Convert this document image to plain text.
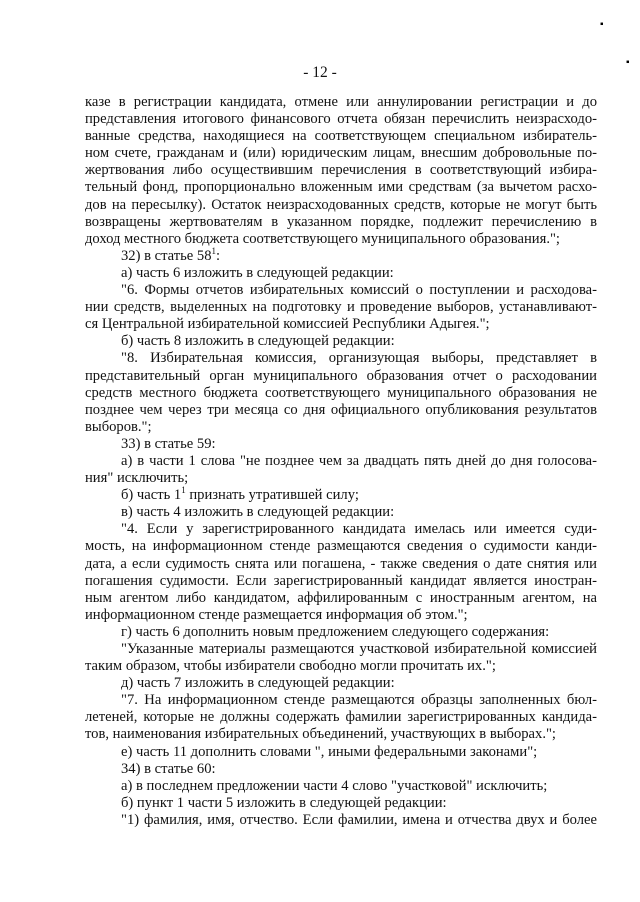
- 12 -
▪
▪
казе в регистрации кандидата, отмене или аннулировании регистрации и до
представления итогового финансового отчета обязан перечислить неизрасходо-
ванные средства, находящиеся на соответствующем специальном избиратель-
ном счете, гражданам и (или) юридическим лицам, внесшим добровольные по-
жертвования либо осуществившим перечисления в соответствующий избира-
тельный фонд, пропорционально вложенным ими средствам (за вычетом расхо-
дов на пересылку). Остаток неизрасходованных средств, которые не могут быть
возвращены жертвователям в указанном порядке, подлежит перечислению в
доход местного бюджета соответствующего муниципального образования.";
32) в статье $58^1$:
а) часть 6 изложить в следующей редакции:
"6. Формы отчетов избирательных комиссий о поступлении и расходова-
нии средств, выделенных на подготовку и проведение выборов, устанавливают-
ся Центральной избирательной комиссией Республики Адыгея.";
б) часть 8 изложить в следующей редакции:
"8. Избирательная комиссия, организующая выборы, представляет в
представительный орган муниципального образования отчет о расходовании
средств местного бюджета соответствующего муниципального образования не
позднее чем через три месяца со дня официального опубликования результатов
выборов.";
33) в статье 59:
а) в части 1 слова "не позднее чем за двадцать пять дней до дня голосова-
ния" исключить;
б) часть $1^1$ признать утратившей силу;
в) часть 4 изложить в следующей редакции:
"4. Если у зарегистрированного кандидата имелась или имеется суди-
мость, на информационном стенде размещаются сведения о судимости канди-
дата, а если судимость снята или погашена, - также сведения о дате снятия или
погашения судимости. Если зарегистрированный кандидат является иностран-
ным агентом либо кандидатом, аффилированным с иностранным агентом, на
информационном стенде размещается информация об этом.";
г) часть 6 дополнить новым предложением следующего содержания:
"Указанные материалы размещаются участковой избирательной комиссией
таким образом, чтобы избиратели свободно могли прочитать их.";
д) часть 7 изложить в следующей редакции:
"7. На информационном стенде размещаются образцы заполненных бюл-
летеней, которые не должны содержать фамилии зарегистрированных кандида-
тов, наименования избирательных объединений, участвующих в выборах.";
е) часть 11 дополнить словами ", иными федеральными законами";
34) в статье 60:
а) в последнем предложении части 4 слово "участковой" исключить;
б) пункт 1 части 5 изложить в следующей редакции:
"1) фамилия, имя, отчество. Если фамилии, имена и отчества двух и более
